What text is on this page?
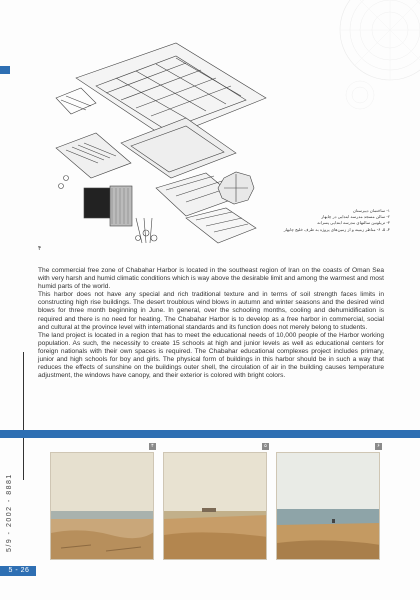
۴
۱- ساختمان دبیرستان
۲- سالن مسجد مدرسه ابتدایی در چابهار
۳- تریلونین سالنهای مدرسه ابتدایی پسرانه
۴، ۵، ۶- مناظر زمینه و از زمین‌های پروژه به طرف خلیج چابهار

The commercial free zone of Chabahar Harbor is located in the southeast region of Iran on the coasts of Oman Sea with very harsh and humid climatic conditions which is way above the desirable limit and among the warmest and most humid parts of the world.

This harbor does not have any special and rich traditional texture and in terms of soil strength faces limits in constructing high rise buildings. The desert troublous wind blows in autumn and winter seasons and the desired wind blows for three month beginning in June. In general, over the schooling months, cooling and dehumidification is required and there is no need for heating. The Chabahar Harbor is to develop as a free harbor in commercial, social and cultural at the province level with international standards and its function does not merely belong to students.

The land project is located in a region that has to meet the educational needs of 10,000 people of the Harbor working population. As such, the necessity to create 15 schools at high and junior levels as well as educational centers for foreign nationals with their own spaces is required. The Chabahar educational complexes project includes primary, junior and high schools for boy and girls. The physical form of buildings in this harbor should be in such a way that reduces the effects of sunshine on the buildings outer shell, the circulation of air in the building causes temperature adjustment, the windows have canopy, and their exterior is colored with bright colors.

5/9 - 2002 - 8881
۴	۵	۶
5 - 26
